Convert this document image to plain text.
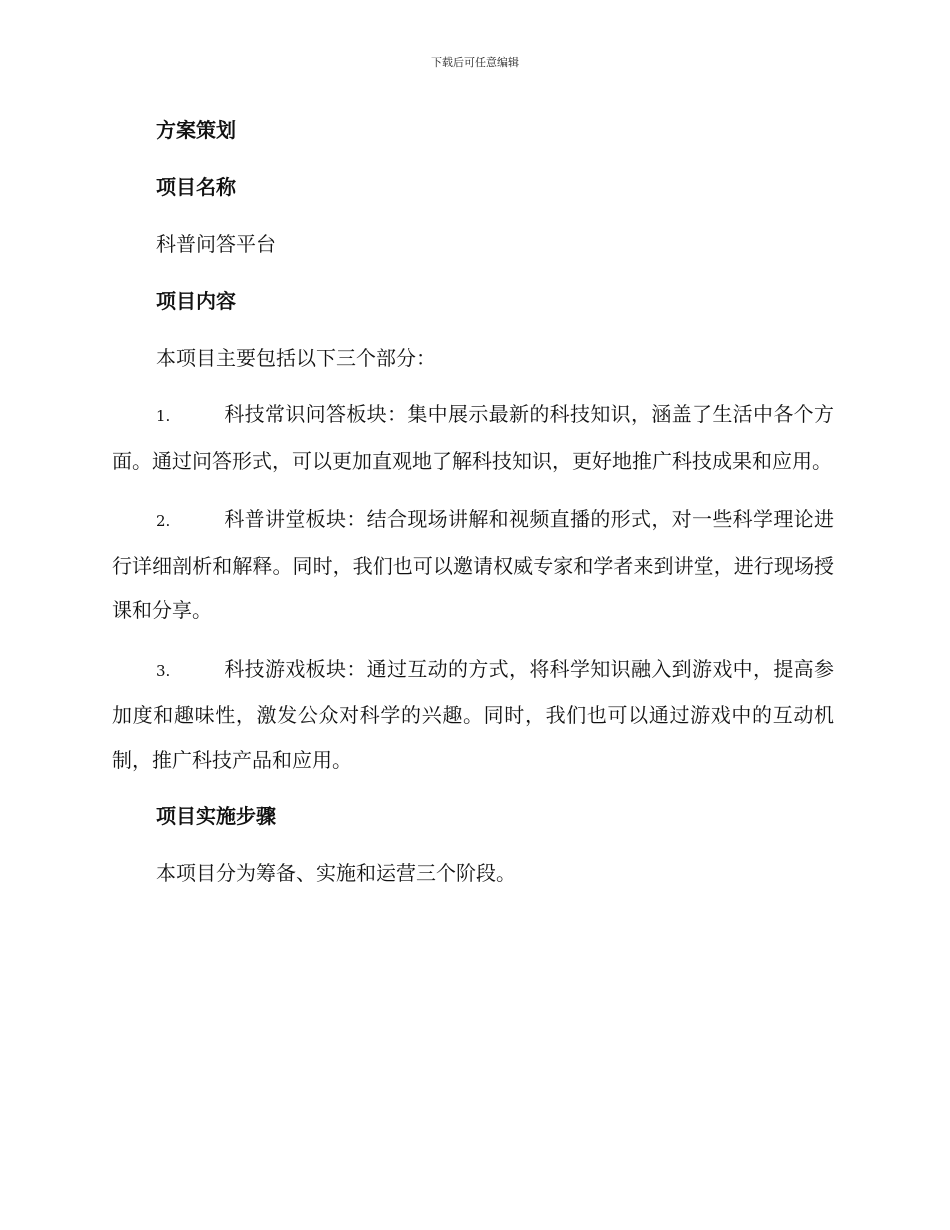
下载后可任意编辑
方案策划
项目名称
科普问答平台
项目内容
本项目主要包括以下三个部分：
1.	科技常识问答板块：集中展示最新的科技知识，涵盖了生活中各个方面。通过问答形式，可以更加直观地了解科技知识，更好地推广科技成果和应用。
2.	科普讲堂板块：结合现场讲解和视频直播的形式，对一些科学理论进行详细剖析和解释。同时，我们也可以邀请权威专家和学者来到讲堂，进行现场授课和分享。
3.	科技游戏板块：通过互动的方式，将科学知识融入到游戏中，提高参加度和趣味性，激发公众对科学的兴趣。同时，我们也可以通过游戏中的互动机制，推广科技产品和应用。
项目实施步骤
本项目分为筹备、实施和运营三个阶段。
